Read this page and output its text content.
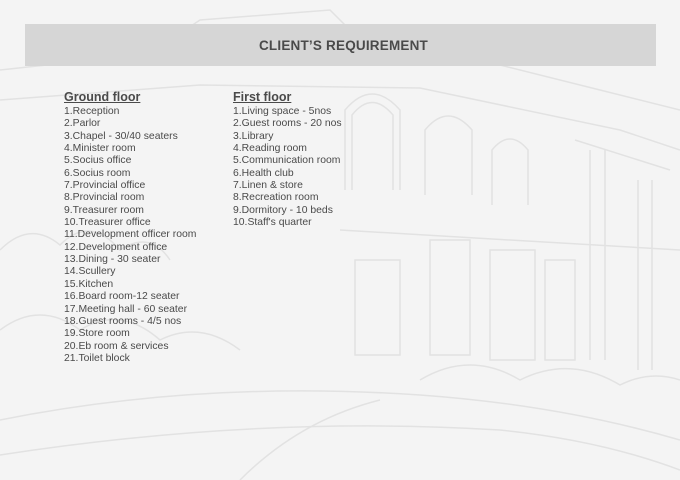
CLIENT’S REQUIREMENT
Ground floor
1.Reception
2.Parlor
3.Chapel - 30/40 seaters
4.Minister room
5.Socius office
6.Socius room
7.Provincial office
8.Provincial room
9.Treasurer room
10.Treasurer office
11.Development officer room
12.Development office
13.Dining - 30 seater
14.Scullery
15.Kitchen
16.Board room-12 seater
17.Meeting hall - 60 seater
18.Guest rooms - 4/5 nos
19.Store room
20.Eb room & services
21.Toilet block
First floor
1.Living space - 5nos
2.Guest rooms - 20 nos
3.Library
4.Reading room
5.Communication room
6.Health club
7.Linen & store
8.Recreation room
9.Dormitory - 10 beds
10.Staff's quarter
